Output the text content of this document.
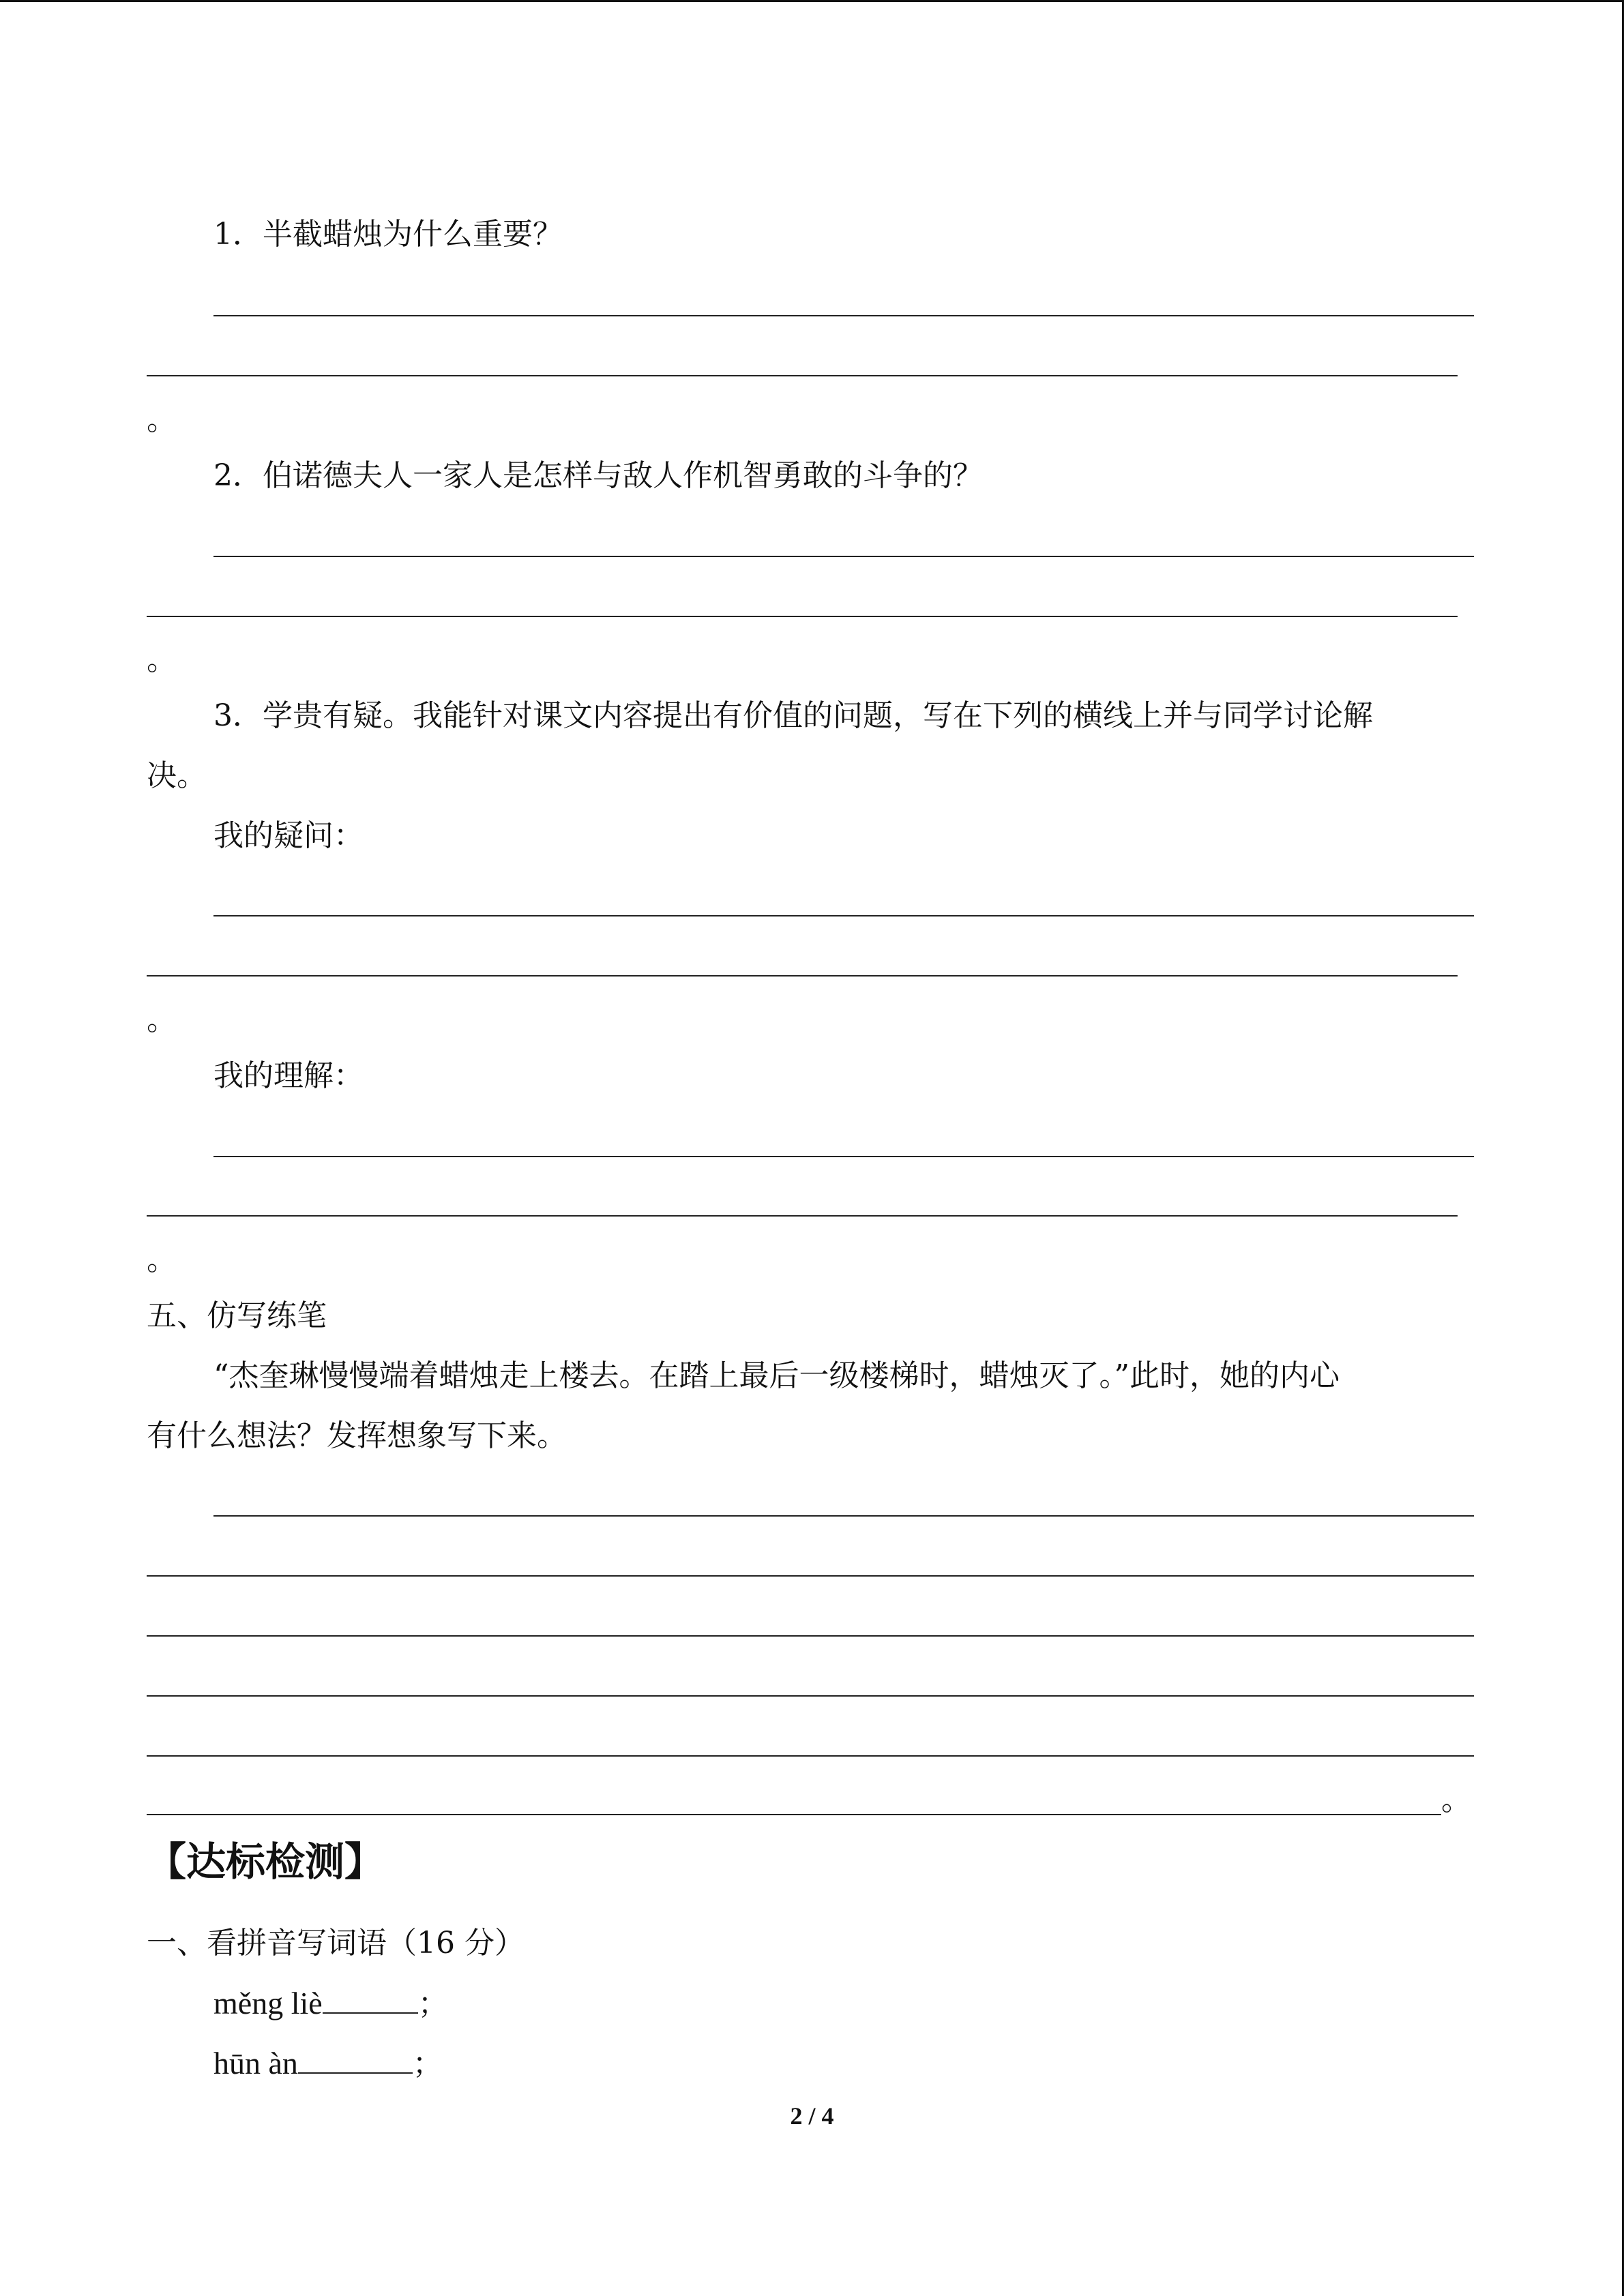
1．半截蜡烛为什么重要？
。
2．伯诺德夫人一家人是怎样与敌人作机智勇敢的斗争的？
。
3．学贵有疑。我能针对课文内容提出有价值的问题，写在下列的横线上并与同学讨论解
决。
我的疑问：
。
我的理解：
。
五、仿写练笔
“杰奎琳慢慢端着蜡烛走上楼去。在踏上最后一级楼梯时，蜡烛灭了。”此时，她的内心
有什么想法？发挥想象写下来。
。
【达标检测】
一、看拼音写词语（16 分）
měng liè	；
hūn àn	；
2 / 4
